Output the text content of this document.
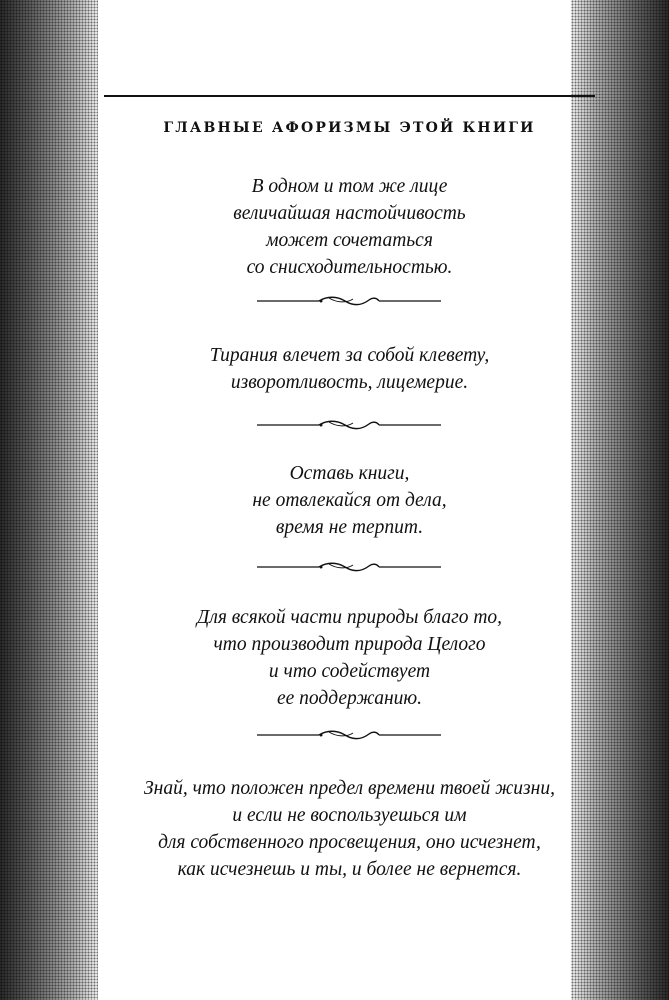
ГЛАВНЫЕ АФОРИЗМЫ ЭТОЙ КНИГИ
В одном и том же лице
величайшая настойчивость
может сочетаться
со снисходительностью.
Тирания влечет за собой клевету,
изворотливость, лицемерие.
Оставь книги,
не отвлекайся от дела,
время не терпит.
Для всякой части природы благо то,
что производит природа Целого
и что содействует
ее поддержанию.
Знай, что положен предел времени твоей жизни,
и если не воспользуешься им
для собственного просвещения, оно исчезнет,
как исчезнешь и ты, и более не вернется.
